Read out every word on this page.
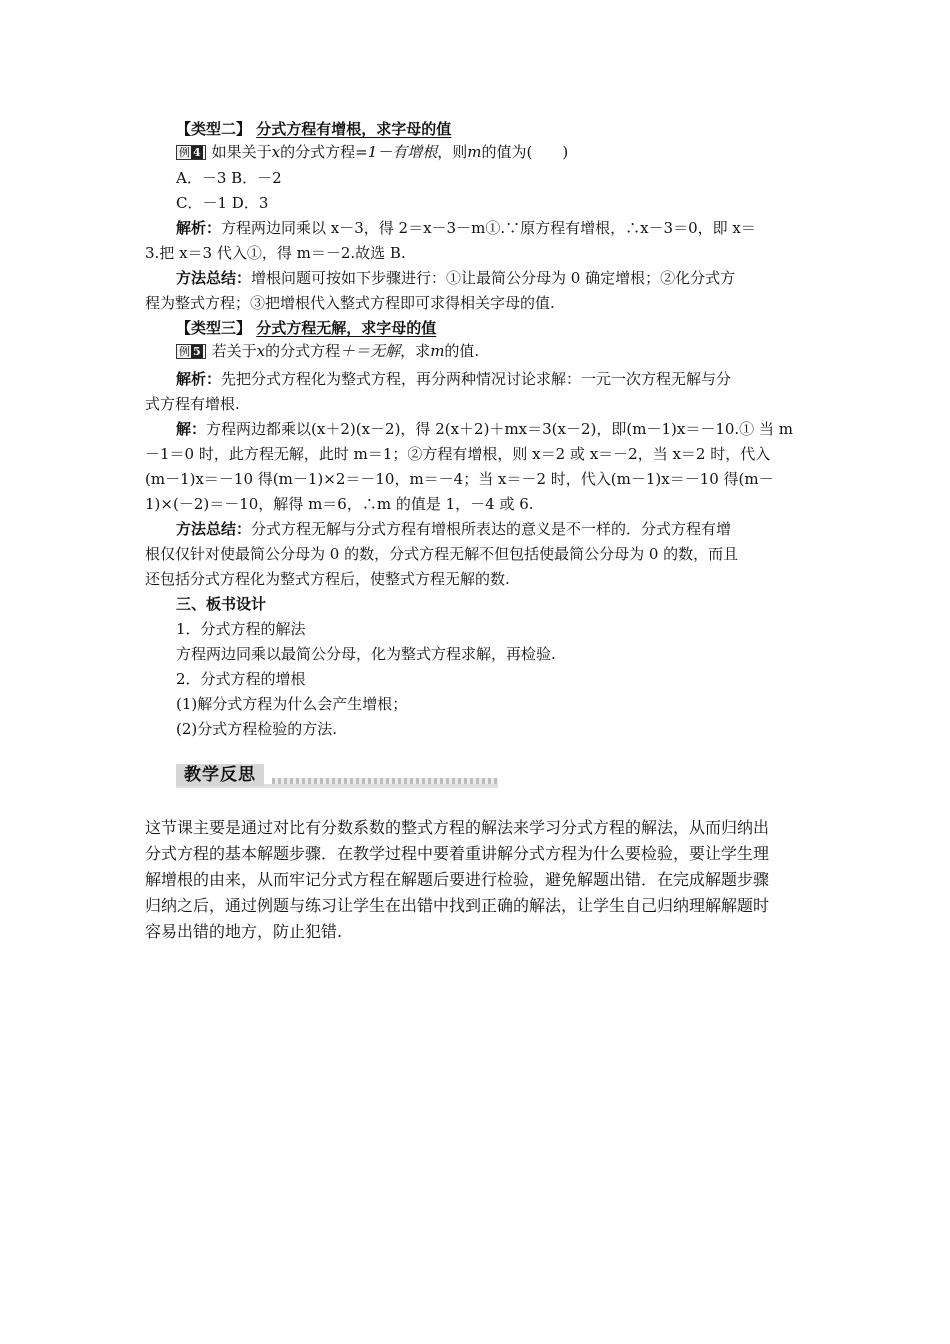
【类型二】 分式方程有增根，求字母的值
例 4 如果关于x的分式方程=1－有增根，则m的值为(　　)
A．－3 B．－2
C．－1 D．3
解析：方程两边同乘以 x－3，得 2＝x－3－m①.∵原方程有增根，∴x－3＝0，即 x＝
3.把 x＝3 代入①，得 m＝－2.故选 B.
方法总结：增根问题可按如下步骤进行：①让最简公分母为 0 确定增根；②化分式方
程为整式方程；③把增根代入整式方程即可求得相关字母的值.
【类型三】 分式方程无解，求字母的值
例 5 若关于x的分式方程＋＝无解，求m的值.
解析：先把分式方程化为整式方程，再分两种情况讨论求解：一元一次方程无解与分
式方程有增根.
解：方程两边都乘以(x＋2)(x－2)，得 2(x＋2)＋mx＝3(x－2)，即(m－1)x＝－10.① 当 m
－1＝0 时，此方程无解，此时 m＝1；②方程有增根，则 x＝2 或 x＝－2，当 x＝2 时，代入
(m－1)x＝－10 得(m－1)×2＝－10，m＝－4；当 x＝－2 时，代入(m－1)x＝－10 得(m－
1)×(－2)＝－10，解得 m＝6，∴m 的值是 1，－4 或 6.
方法总结：分式方程无解与分式方程有增根所表达的意义是不一样的．分式方程有增
根仅仅针对使最简公分母为 0 的数，分式方程无解不但包括使最简公分母为 0 的数，而且
还包括分式方程化为整式方程后，使整式方程无解的数.
三、板书设计
1．分式方程的解法
方程两边同乘以最简公分母，化为整式方程求解，再检验.
2．分式方程的增根
(1)解分式方程为什么会产生增根；
(2)分式方程检验的方法.
教学反思
这节课主要是通过对比有分数系数的整式方程的解法来学习分式方程的解法，从而归纳出
分式方程的基本解题步骤．在教学过程中要着重讲解分式方程为什么要检验，要让学生理
解增根的由来，从而牢记分式方程在解题后要进行检验，避免解题出错．在完成解题步骤
归纳之后，通过例题与练习让学生在出错中找到正确的解法，让学生自己归纳理解解题时
容易出错的地方，防止犯错.
